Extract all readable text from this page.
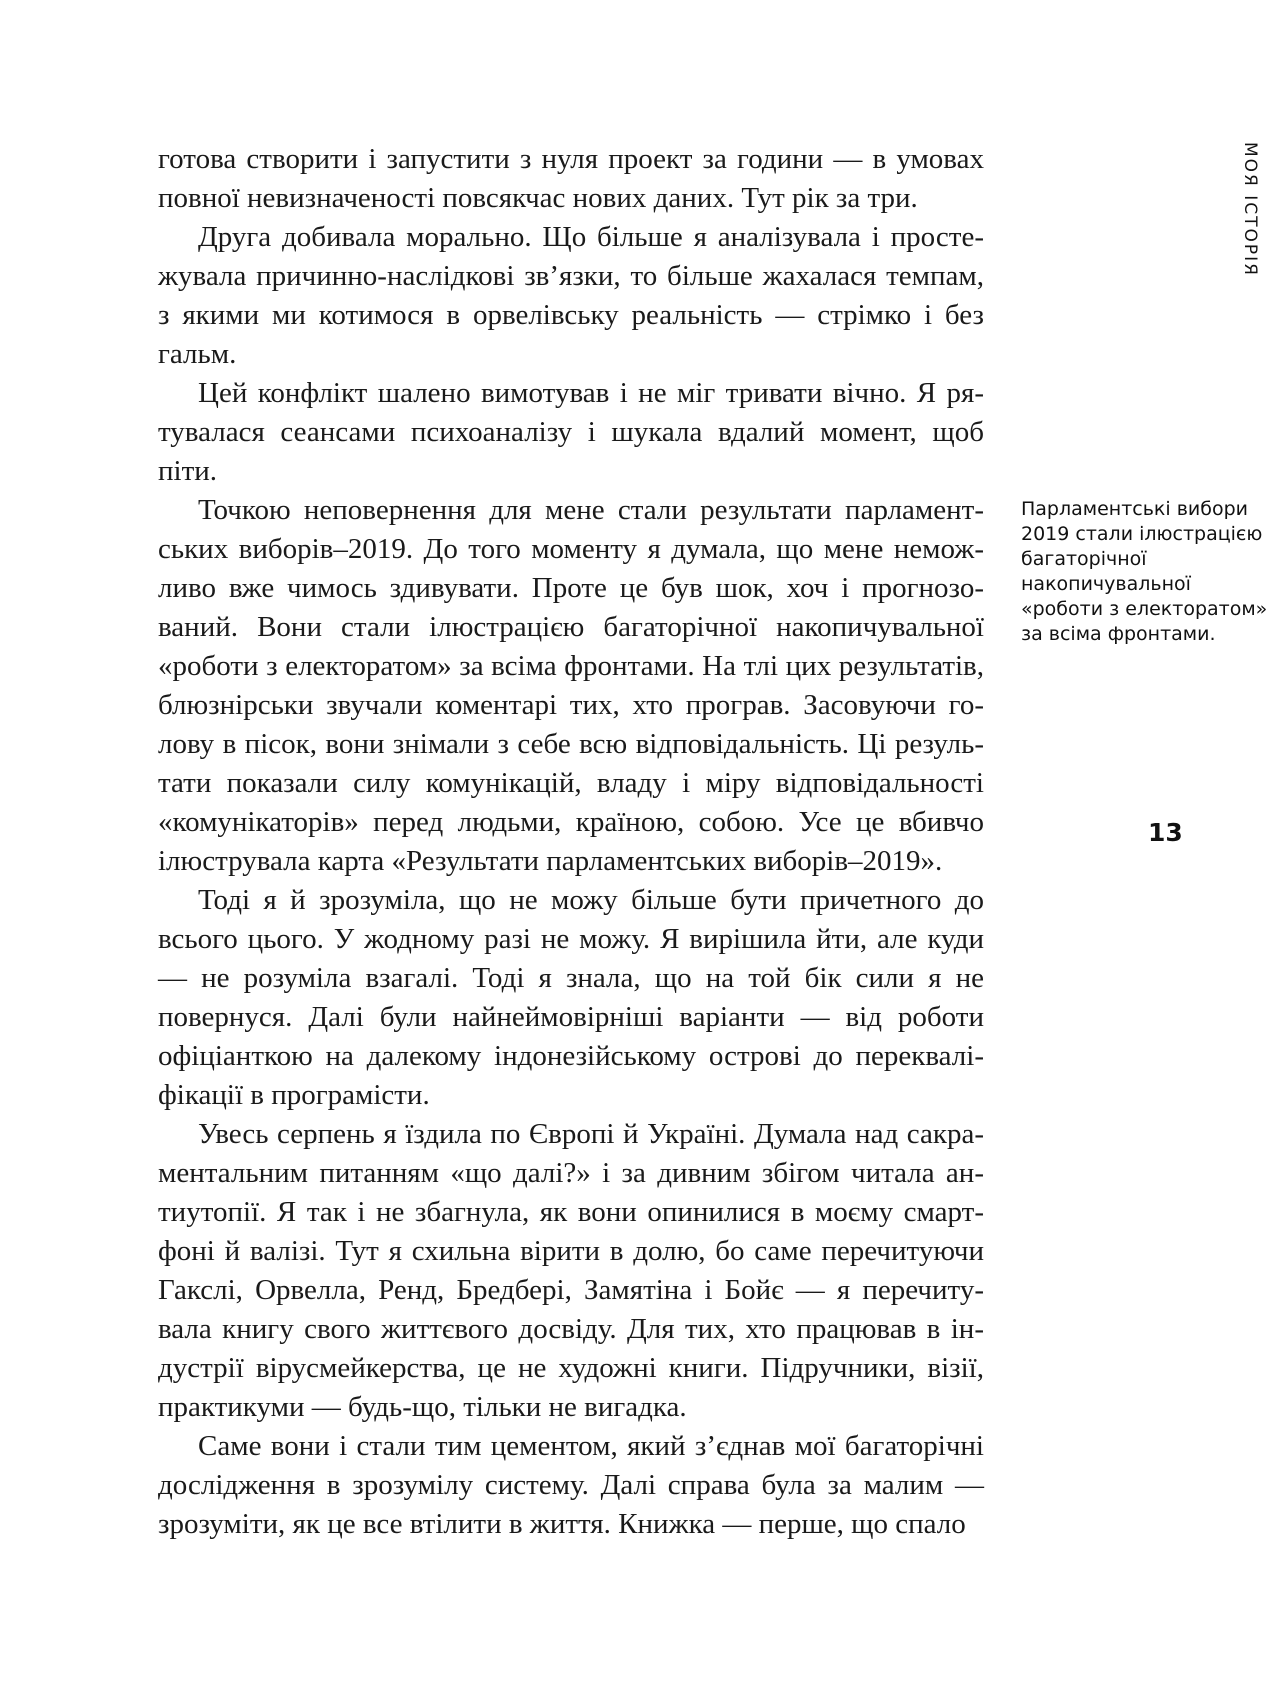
готова створити і запустити з нуля проект за години — в умовах повної невизначеності повсякчас нових даних. Тут рік за три.

Друга добивала морально. Що більше я аналізувала і простежувала причинно-наслідкові зв’язки, то більше жахалася темпам, з якими ми котимося в орвелівську реальність — стрімко і без гальм.

Цей конфлікт шалено вимотував і не міг тривати вічно. Я рятувалася сеансами психоаналізу і шукала вдалий момент, щоб піти.

Точкою неповернення для мене стали результати парламентських виборів–2019. До того моменту я думала, що мене неможливо вже чимось здивувати. Проте це був шок, хоч і прогнозований. Вони стали ілюстрацією багаторічної накопичувальної «роботи з електоратом» за всіма фронтами. На тлі цих результатів, блюзнірськи звучали коментарі тих, хто програв. Засовуючи голову в пісок, вони знімали з себе всю відповідальність. Ці результати показали силу комунікацій, владу і міру відповідальності «комунікаторів» перед людьми, країною, собою. Усе це вбивчо ілюструвала карта «Результати парламентських виборів–2019».

Тоді я й зрозуміла, що не можу більше бути причетного до всього цього. У жодному разі не можу. Я вирішила йти, але куди — не розуміла взагалі. Тоді я знала, що на той бік сили я не повернуся. Далі були найнеймовірніші варіанти — від роботи офіціанткою на далекому індонезійському острові до перекваліфікації в програмісти.

Увесь серпень я їздила по Європі й Україні. Думала над сакраментальним питанням «що далі?» і за дивним збігом читала антиутопії. Я так і не збагнула, як вони опинилися в моєму смартфоні й валізі. Тут я схильна вірити в долю, бо саме перечитуючи Гакслі, Орвелла, Ренд, Бредбері, Замятіна і Бойє — я перечитувала книгу свого життєвого досвіду. Для тих, хто працював в індустрії вірусмейкерства, це не художні книги. Підручники, візії, практикуми — будь-що, тільки не вигадка.

Саме вони і стали тим цементом, який з’єднав мої багаторічні дослідження в зрозумілу систему. Далі справа була за малим — зрозуміти, як це все втілити в життя. Книжка — перше, що спало

МОЯ ІСТОРІЯ
Парламентські вибори
2019 стали ілюстрацією
багаторічної
накопичувальної
«роботи з електоратом»
за всіма фронтами.
13
